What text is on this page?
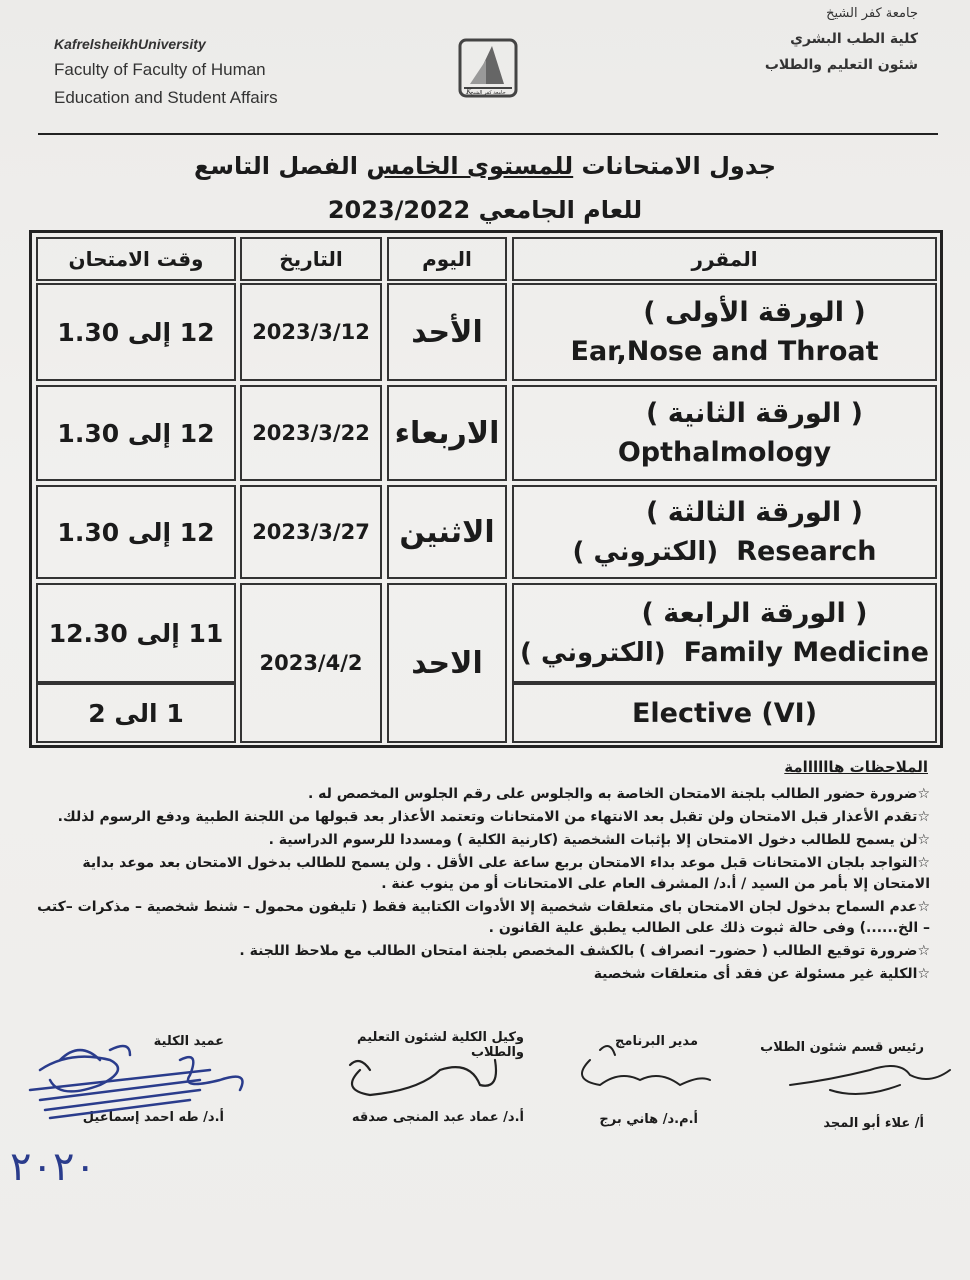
KafrelsheikhUniversity
Faculty of Faculty of Human
Education and Student Affairs	جامعة كفر الشيخ
K
جامعة كفر الشيخ
كلية الطب البشري
شئون التعليم والطلاب
جدول الامتحانات للمستوى الخامس الفصل التاسع
للعام الجامعي 2023/2022
المقرر
اليوم
التاريخ
وقت الامتحان
( الورقة الأولى )
Ear,Nose and Throat
الأحد
2023/3/12
12 إلى 1.30
( الورقة الثانية )
Opthalmology
الاربعاء
2023/3/22
12 إلى 1.30
( الورقة الثالثة )
(الكتروني ) Research
الاثنين
2023/3/27
12 إلى 1.30
( الورقة الرابعة )
(الكتروني ) Family Medicine
Elective (VI)
الاحد
2023/4/2
11 إلى 12.30
1 الى 2
الملاحظات هاااااامة
☆ضرورة حضور الطالب بلجنة الامتحان الخاصة به والجلوس على رقم الجلوس المخصص له .
☆تقدم الأعذار قبل الامتحان ولن تقبل بعد الانتهاء من الامتحانات وتعتمد الأعذار بعد قبولها من اللجنة الطبية ودفع الرسوم لذلك.
☆لن يسمح للطالب دخول الامتحان إلا بإثبات الشخصية (كارنية الكلية ) ومسددا للرسوم الدراسية .
☆التواجد بلجان الامتحانات قبل موعد بداء الامتحان بربع ساعة على الأقل . ولن يسمح للطالب بدخول الامتحان بعد موعد بداية الامتحان إلا بأمر من السيد / أ.د/ المشرف العام على الامتحانات أو من ينوب عنة .
☆عدم السماح بدخول لجان الامتحان باى متعلقات شخصية إلا الأدوات الكتابية فقط ( تليفون محمول – شنط شخصية – مذكرات –كتب – الخ......) وفى حالة ثبوت ذلك على الطالب يطبق علية القانون .
☆ضرورة توقيع الطالب ( حضور– انصراف ) بالكشف المخصص بلجنة امتحان الطالب مع ملاحظ اللجنة .
☆الكلية غير مسئولة عن فقد أى متعلقات شخصية
رئيس قسم شئون الطلاب
أ/ علاء أبو المجد
مدير البرنامج
أ.م.د/ هاني برج
وكيل الكلية لشئون التعليم والطلاب
أ.د/ عماد عبد المنجى صدقه
عميد الكلية
أ.د/ طه احمد إسماعيل
٢٠٢٠
